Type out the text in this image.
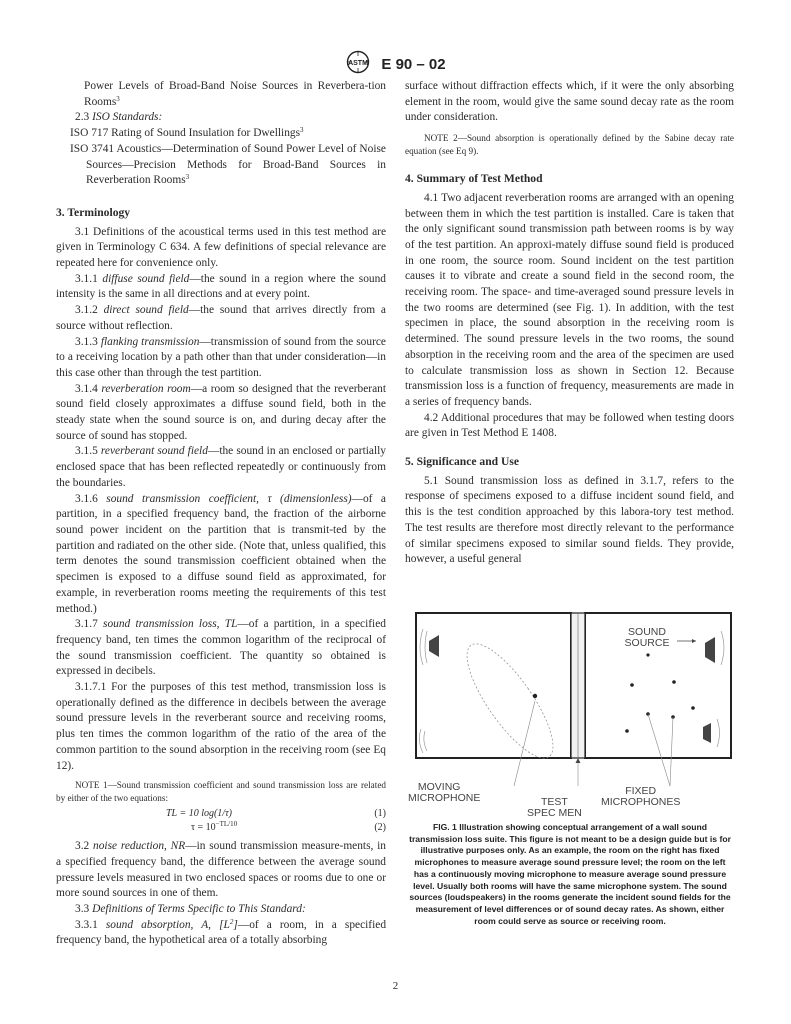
ASTM E 90 – 02

Power Levels of Broad-Band Noise Sources in Reverbera-tion Rooms$^3$

2.3 ISO Standards:

ISO 717 Rating of Sound Insulation for Dwellings$^3$

ISO 3741 Acoustics—Determination of Sound Power Level of Noise Sources—Precision Methods for Broad-Band Sources in Reverberation Rooms$^3$

3. Terminology

3.1 Definitions of the acoustical terms used in this test method are given in Terminology C 634. A few definitions of special relevance are repeated here for convenience only.

3.1.1 diffuse sound field—the sound in a region where the sound intensity is the same in all directions and at every point.

3.1.2 direct sound field—the sound that arrives directly from a source without reflection.

3.1.3 flanking transmission—transmission of sound from the source to a receiving location by a path other than that under consideration—in this case other than through the test partition.

3.1.4 reverberation room—a room so designed that the reverberant sound field closely approximates a diffuse sound field, both in the steady state when the sound source is on, and during decay after the source of sound has stopped.

3.1.5 reverberant sound field—the sound in an enclosed or partially enclosed space that has been reflected repeatedly or continuously from the boundaries.

3.1.6 sound transmission coefficient, τ (dimensionless)—of a partition, in a specified frequency band, the fraction of the airborne sound power incident on the partition that is transmit-ted by the partition and radiated on the other side. (Note that, unless qualified, this term denotes the sound transmission coefficient obtained when the specimen is exposed to a diffuse sound field as approximated, for example, in reverberation rooms meeting the requirements of this test method.)

3.1.7 sound transmission loss, TL—of a partition, in a specified frequency band, ten times the common logarithm of the reciprocal of the sound transmission coefficient. The quantity so obtained is expressed in decibels.

3.1.7.1 For the purposes of this test method, transmission loss is operationally defined as the difference in decibels between the average sound pressure levels in the reverberant source and receiving rooms, plus ten times the common logarithm of the ratio of the area of the common partition to the sound absorption in the receiving room (see Eq 12).

NOTE 1—Sound transmission coefficient and sound transmission loss are related by either of the two equations:

TL = 10 log(1/τ)	(1)
$\tau = 10^{-TL/10}$	(2)

3.2 noise reduction, NR—in sound transmission measure-ments, in a specified frequency band, the difference between the average sound pressure levels measured in two enclosed spaces or rooms due to one or more sound sources in one of them.

3.3 Definitions of Terms Specific to This Standard:

3.3.1 sound absorption, A, $[L^2]—of$ a room, in a specified frequency band, the hypothetical area of a totally absorbing

surface without diffraction effects which, if it were the only absorbing element in the room, would give the same sound decay rate as the room under consideration.

NOTE 2—Sound absorption is operationally defined by the Sabine decay rate equation (see Eq 9).

4. Summary of Test Method

4.1 Two adjacent reverberation rooms are arranged with an opening between them in which the test partition is installed. Care is taken that the only significant sound transmission path between rooms is by way of the test partition. An approxi-mately diffuse sound field is produced in one room, the source room. Sound incident on the test partition causes it to vibrate and create a sound field in the second room, the receiving room. The space- and time-averaged sound pressure levels in the two rooms are determined (see Fig. 1). In addition, with the test specimen in place, the sound absorption in the receiving room is determined. The sound pressure levels in the two rooms, the sound absorption in the receiving room and the area of the specimen are used to calculate transmission loss as shown in Section 12. Because transmission loss is a function of frequency, measurements are made in a series of frequency bands.

4.2 Additional procedures that may be followed when testing doors are given in Test Method E 1408.

5. Significance and Use

5.1 Sound transmission loss as defined in 3.1.7, refers to the response of specimens exposed to a diffuse incident sound field, and this is the test condition approached by this labora-tory test method. The test results are therefore most directly relevant to the performance of similar specimens exposed to similar sound fields. They provide, however, a useful general

SOUND
SOURCE
MOVING
MICROPHONE	TEST
SPEC MEN
FIXED
MICROPHONES
FIG. 1 Illustration showing conceptual arrangement of a wall sound transmission loss suite. This figure is not meant to be a design guide but is for illustrative purposes only. As an example, the room on the right has fixed microphones to measure average sound pressure level; the room on the left has a continuously moving microphone to measure average sound pressure level. Usually both rooms will have the same microphone system. The sound sources (loudspeakers) in the rooms generate the incident sound fields for the measurement of level differences or of sound decay rates. As shown, either room could serve as source or receiving room.
2
